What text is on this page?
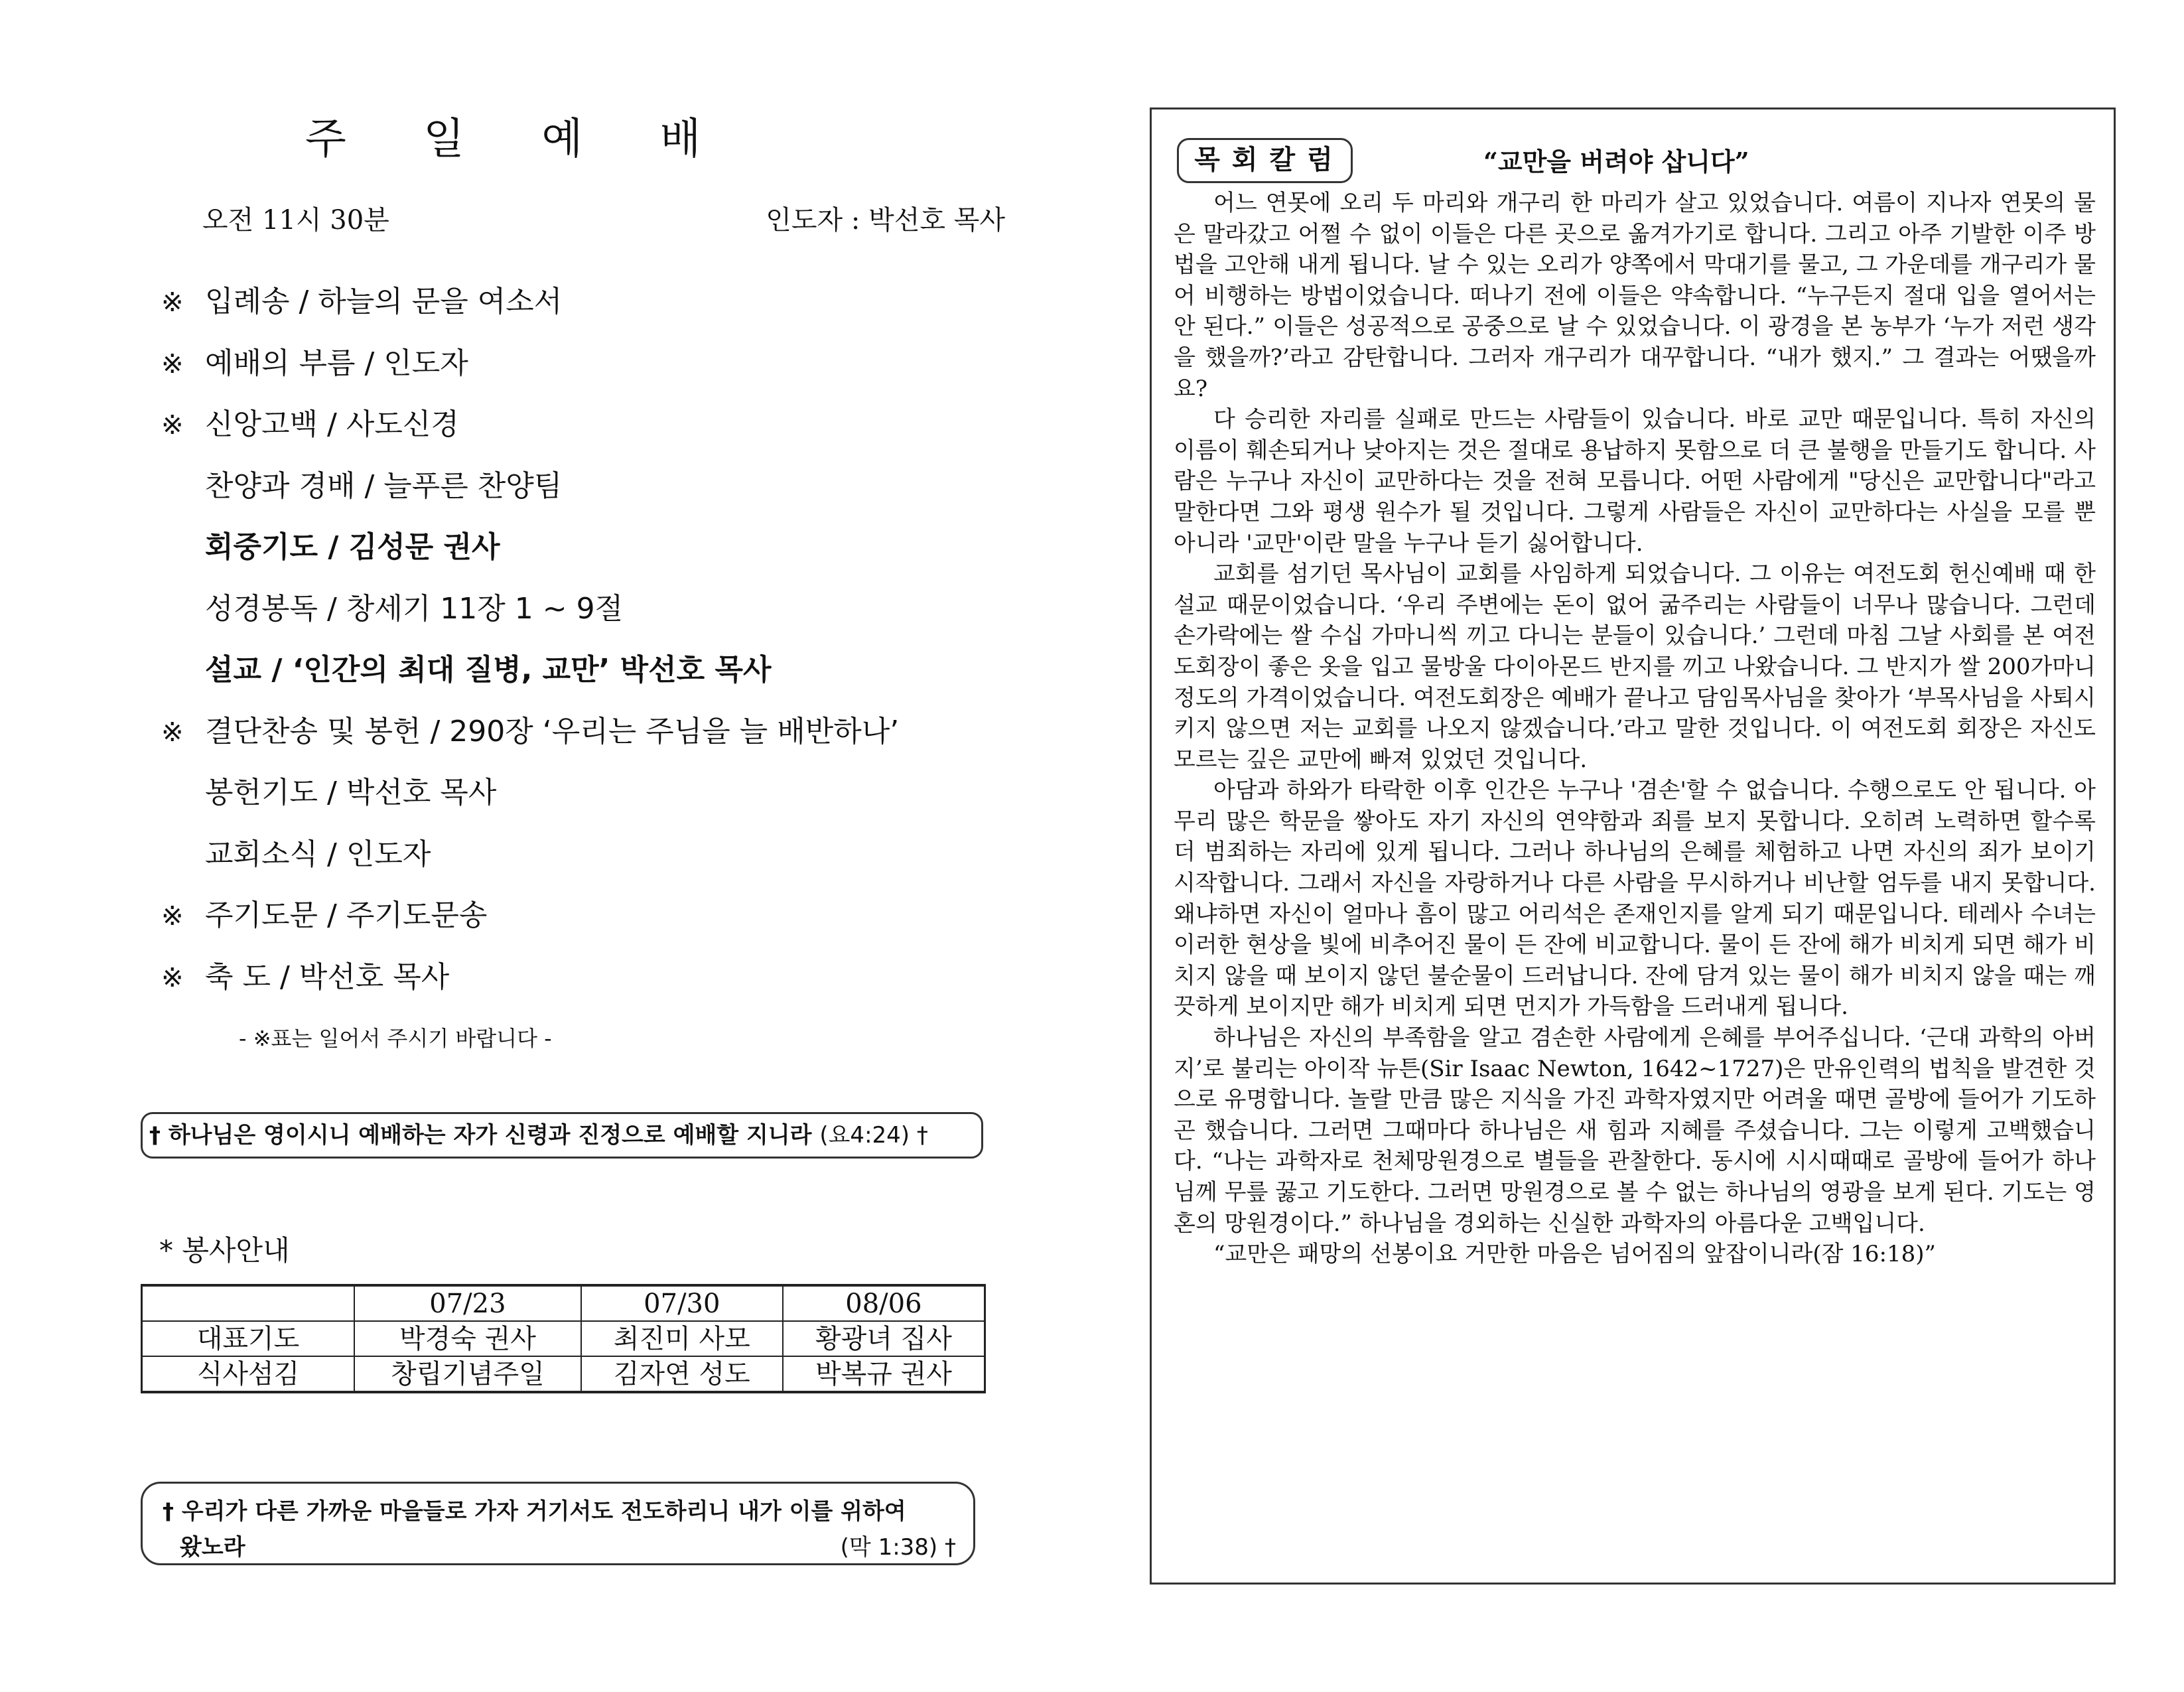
주 일 예 배
오전 11시 30분	인도자 : 박선호 목사
※ 입례송 / 하늘의 문을 여소서
※ 예배의 부름 / 인도자
※ 신앙고백 / 사도신경
찬양과 경배 / 늘푸른 찬양팀
회중기도 / 김성문 권사
성경봉독 / 창세기 11장 1 ~ 9절
설교 / ‘인간의 최대 질병, 교만’ 박선호 목사
※ 결단찬송 및 봉헌 / 290장 ‘우리는 주님을 늘 배반하나’
봉헌기도 / 박선호 목사
교회소식 / 인도자
※ 주기도문 / 주기도문송
※ 축 도 / 박선호 목사
- ※표는 일어서 주시기 바랍니다 -
† 하나님은 영이시니 예배하는 자가 신령과 진정으로 예배할 지니라 (요4:24) †
* 봉사안내
	07/23	07/30	08/06
대표기도	박경숙 권사	최진미 사모	황광녀 집사
식사섬김	창립기념주일	김자연 성도	박복규 권사
† 우리가 다른 가까운 마을들로 가자 거기서도 전도하리니 내가 이를 위하여
왔노라	(막 1:38) †
목회칼럼	“교만을 버려야 삽니다”

어느 연못에 오리 두 마리와 개구리 한 마리가 살고 있었습니다. 여름이 지나자 연못의 물은 말라갔고 어쩔 수 없이 이들은 다른 곳으로 옮겨가기로 합니다. 그리고 아주 기발한 이주 방법을 고안해 내게 됩니다. 날 수 있는 오리가 양쪽에서 막대기를 물고, 그 가운데를 개구리가 물어 비행하는 방법이었습니다. 떠나기 전에 이들은 약속합니다. “누구든지 절대 입을 열어서는 안 된다.” 이들은 성공적으로 공중으로 날 수 있었습니다. 이 광경을 본 농부가 ‘누가 저런 생각을 했을까?’라고 감탄합니다. 그러자 개구리가 대꾸합니다. “내가 했지.” 그 결과는 어땠을까요?

다 승리한 자리를 실패로 만드는 사람들이 있습니다. 바로 교만 때문입니다. 특히 자신의 이름이 훼손되거나 낮아지는 것은 절대로 용납하지 못함으로 더 큰 불행을 만들기도 합니다. 사람은 누구나 자신이 교만하다는 것을 전혀 모릅니다. 어떤 사람에게 "당신은 교만합니다"라고 말한다면 그와 평생 원수가 될 것입니다. 그렇게 사람들은 자신이 교만하다는 사실을 모를 뿐 아니라 '교만'이란 말을 누구나 듣기 싫어합니다.

교회를 섬기던 목사님이 교회를 사임하게 되었습니다. 그 이유는 여전도회 헌신예배 때 한 설교 때문이었습니다. ‘우리 주변에는 돈이 없어 굶주리는 사람들이 너무나 많습니다. 그런데 손가락에는 쌀 수십 가마니씩 끼고 다니는 분들이 있습니다.’ 그런데 마침 그날 사회를 본 여전도회장이 좋은 옷을 입고 물방울 다이아몬드 반지를 끼고 나왔습니다. 그 반지가 쌀 200가마니 정도의 가격이었습니다. 여전도회장은 예배가 끝나고 담임목사님을 찾아가 ‘부목사님을 사퇴시키지 않으면 저는 교회를 나오지 않겠습니다.’라고 말한 것입니다. 이 여전도회 회장은 자신도 모르는 깊은 교만에 빠져 있었던 것입니다.

아담과 하와가 타락한 이후 인간은 누구나 '겸손'할 수 없습니다. 수행으로도 안 됩니다. 아무리 많은 학문을 쌓아도 자기 자신의 연약함과 죄를 보지 못합니다. 오히려 노력하면 할수록 더 범죄하는 자리에 있게 됩니다. 그러나 하나님의 은혜를 체험하고 나면 자신의 죄가 보이기 시작합니다. 그래서 자신을 자랑하거나 다른 사람을 무시하거나 비난할 엄두를 내지 못합니다. 왜냐하면 자신이 얼마나 흠이 많고 어리석은 존재인지를 알게 되기 때문입니다. 테레사 수녀는 이러한 현상을 빛에 비추어진 물이 든 잔에 비교합니다. 물이 든 잔에 해가 비치게 되면 해가 비치지 않을 때 보이지 않던 불순물이 드러납니다. 잔에 담겨 있는 물이 해가 비치지 않을 때는 깨끗하게 보이지만 해가 비치게 되면 먼지가 가득함을 드러내게 됩니다.

하나님은 자신의 부족함을 알고 겸손한 사람에게 은혜를 부어주십니다. ‘근대 과학의 아버지’로 불리는 아이작 뉴튼(Sir Isaac Newton, 1642~1727)은 만유인력의 법칙을 발견한 것으로 유명합니다. 놀랄 만큼 많은 지식을 가진 과학자였지만 어려울 때면 골방에 들어가 기도하곤 했습니다. 그러면 그때마다 하나님은 새 힘과 지혜를 주셨습니다. 그는 이렇게 고백했습니다. “나는 과학자로 천체망원경으로 별들을 관찰한다. 동시에 시시때때로 골방에 들어가 하나님께 무릎 꿇고 기도한다. 그러면 망원경으로 볼 수 없는 하나님의 영광을 보게 된다. 기도는 영혼의 망원경이다.” 하나님을 경외하는 신실한 과학자의 아름다운 고백입니다.

“교만은 패망의 선봉이요 거만한 마음은 넘어짐의 앞잡이니라(잠 16:18)”
